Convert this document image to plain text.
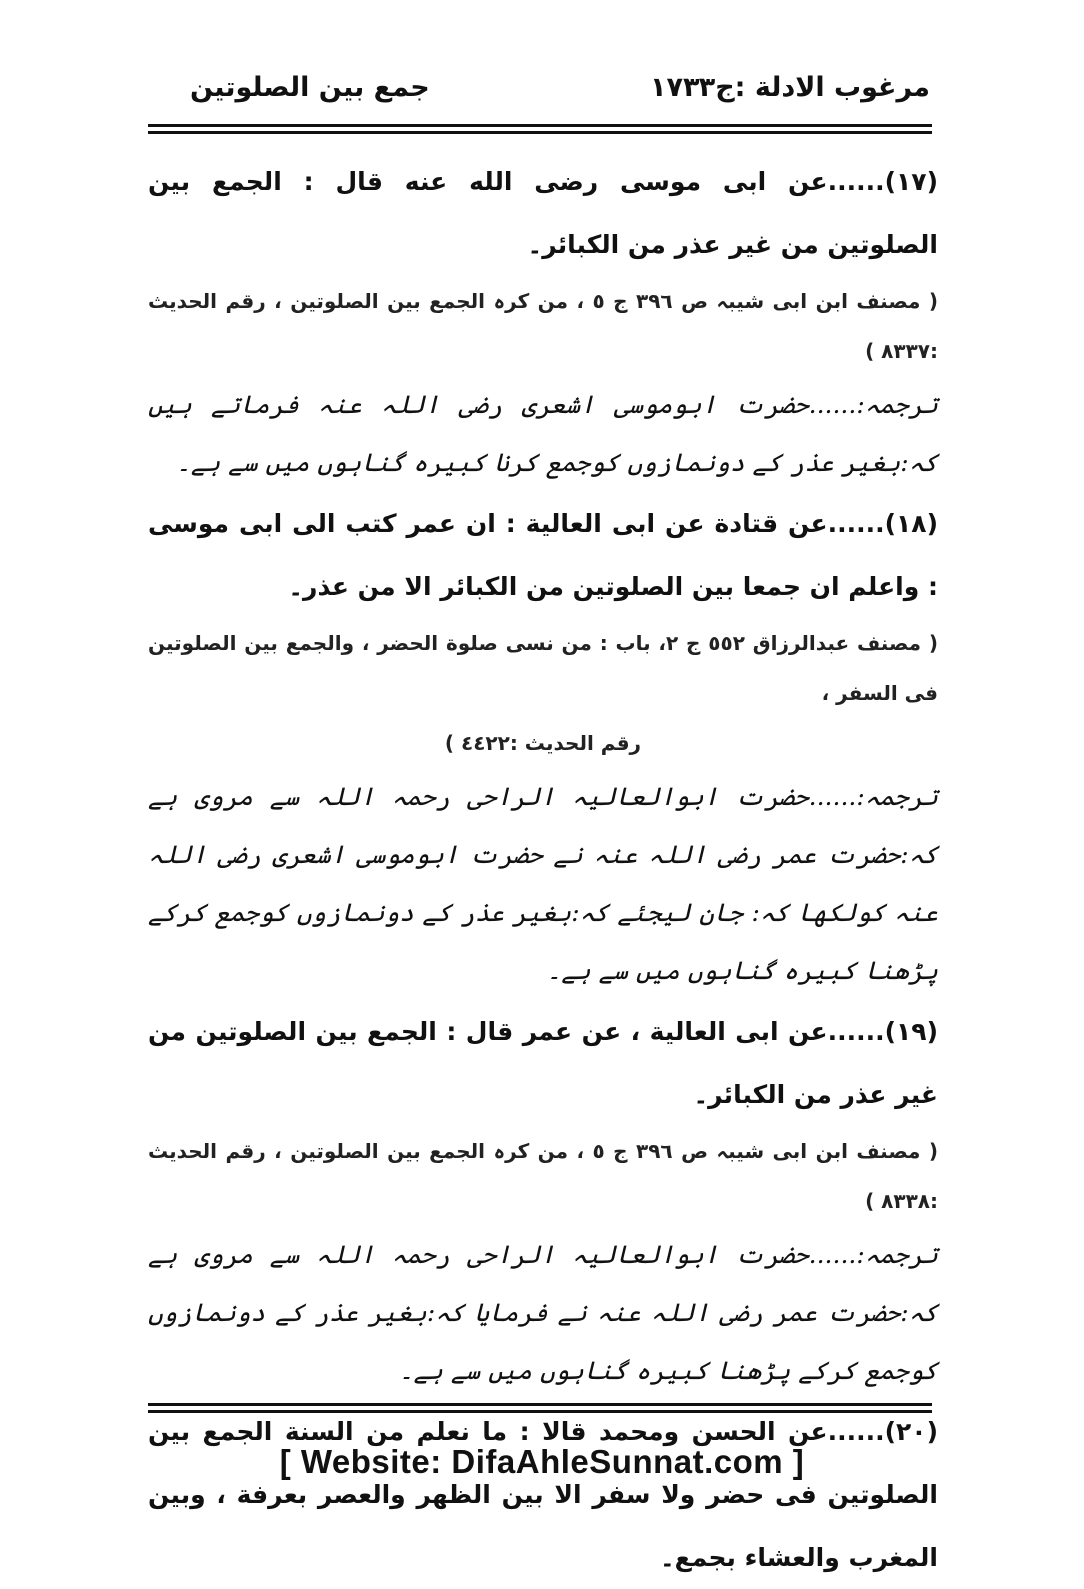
جمع بین الصلوتین	١٧٣ مرغوب الادلة :ج٣

(١٧)......عن ابی موسی رضی الله عنه قال : الجمع بین الصلوتین من غیر عذر من الکبائر۔

( مصنف ابن ابی شیبہ ص ٣٩٦ ج ٥ ، من کرہ الجمع بین الصلوتین ، رقم الحدیث :٨٣٣٧ )

ترجمہ:......حضرت ابوموسی اشعری رضی اللہ عنہ فرماتے ہیں کہ:بغیر عذر کے دونمازوں کوجمع کرنا کبیرہ گناہوں میں سے ہے۔

(١٨)......عن قتادة عن ابی العالیة : ان عمر کتب الی ابی موسی : واعلم ان جمعا بین الصلوتین من الکبائر الا من عذر۔

( مصنف عبدالرزاق ٥٥٢ ج ٢، باب : من نسی صلوة الحضر ، والجمع بین الصلوتین فی السفر ،

رقم الحدیث :٤٤٢٢ )

ترجمہ:......حضرت ابوالعالیہ الراحی رحمہ اللہ سے مروی ہے کہ:حضرت عمر رضی اللہ عنہ نے حضرت ابوموسی اشعری رضی اللہ عنہ کولکھا کہ: جان لیجئے کہ:بغیر عذر کے دونمازوں کوجمع کرکے پڑھنا کبیرہ گناہوں میں سے ہے۔

(١٩)......عن ابی العالیة ، عن عمر قال : الجمع بین الصلوتین من غیر عذر من الکبائر۔

( مصنف ابن ابی شیبہ ص ٣٩٦ ج ٥ ، من کرہ الجمع بین الصلوتین ، رقم الحدیث :٨٣٣٨ )

ترجمہ:......حضرت ابوالعالیہ الراحی رحمہ اللہ سے مروی ہے کہ:حضرت عمر رضی اللہ عنہ نے فرمایا کہ:بغیر عذر کے دونمازوں کوجمع کرکے پڑھنا کبیرہ گناہوں میں سے ہے۔

(٢٠)......عن الحسن ومحمد قالا : ما نعلم من السنة الجمع بین الصلوتین فی حضر ولا سفر الا بین الظهر والعصر بعرفة ، وبین المغرب والعشاء بجمع۔

[ Website: DifaAhleSunnat.com ]
